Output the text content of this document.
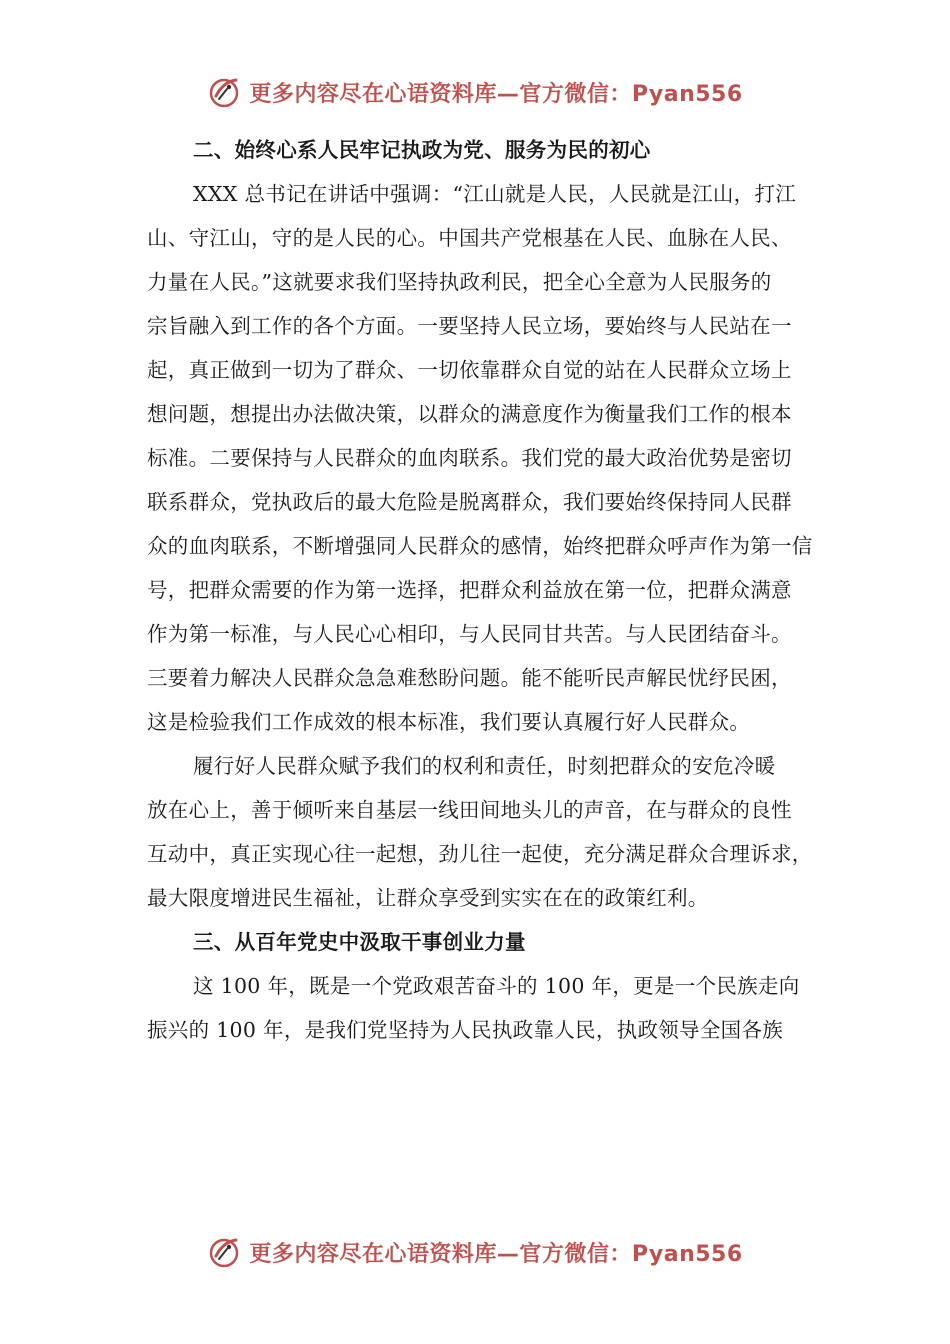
更多内容尽在心语资料库—官方微信：Pyan556
二、始终心系人民牢记执政为党、服务为民的初心
XXX 总书记在讲话中强调：“江山就是人民，人民就是江山，打江
山、守江山，守的是人民的心。中国共产党根基在人民、血脉在人民、
力量在人民。”这就要求我们坚持执政利民，把全心全意为人民服务的
宗旨融入到工作的各个方面。一要坚持人民立场，要始终与人民站在一
起，真正做到一切为了群众、一切依靠群众自觉的站在人民群众立场上
想问题，想提出办法做决策，以群众的满意度作为衡量我们工作的根本
标准。二要保持与人民群众的血肉联系。我们党的最大政治优势是密切
联系群众，党执政后的最大危险是脱离群众，我们要始终保持同人民群
众的血肉联系，不断增强同人民群众的感情，始终把群众呼声作为第一信
号，把群众需要的作为第一选择，把群众利益放在第一位，把群众满意
作为第一标准，与人民心心相印，与人民同甘共苦。与人民团结奋斗。
三要着力解决人民群众急急难愁盼问题。能不能听民声解民忧纾民困，
这是检验我们工作成效的根本标准，我们要认真履行好人民群众。
履行好人民群众赋予我们的权利和责任，时刻把群众的安危冷暖
放在心上，善于倾听来自基层一线田间地头儿的声音，在与群众的良性
互动中，真正实现心往一起想，劲儿往一起使，充分满足群众合理诉求，
最大限度增进民生福祉，让群众享受到实实在在的政策红利。
三、从百年党史中汲取干事创业力量
这 100 年，既是一个党政艰苦奋斗的 100 年，更是一个民族走向
振兴的 100 年，是我们党坚持为人民执政靠人民，执政领导全国各族
更多内容尽在心语资料库—官方微信：Pyan556
